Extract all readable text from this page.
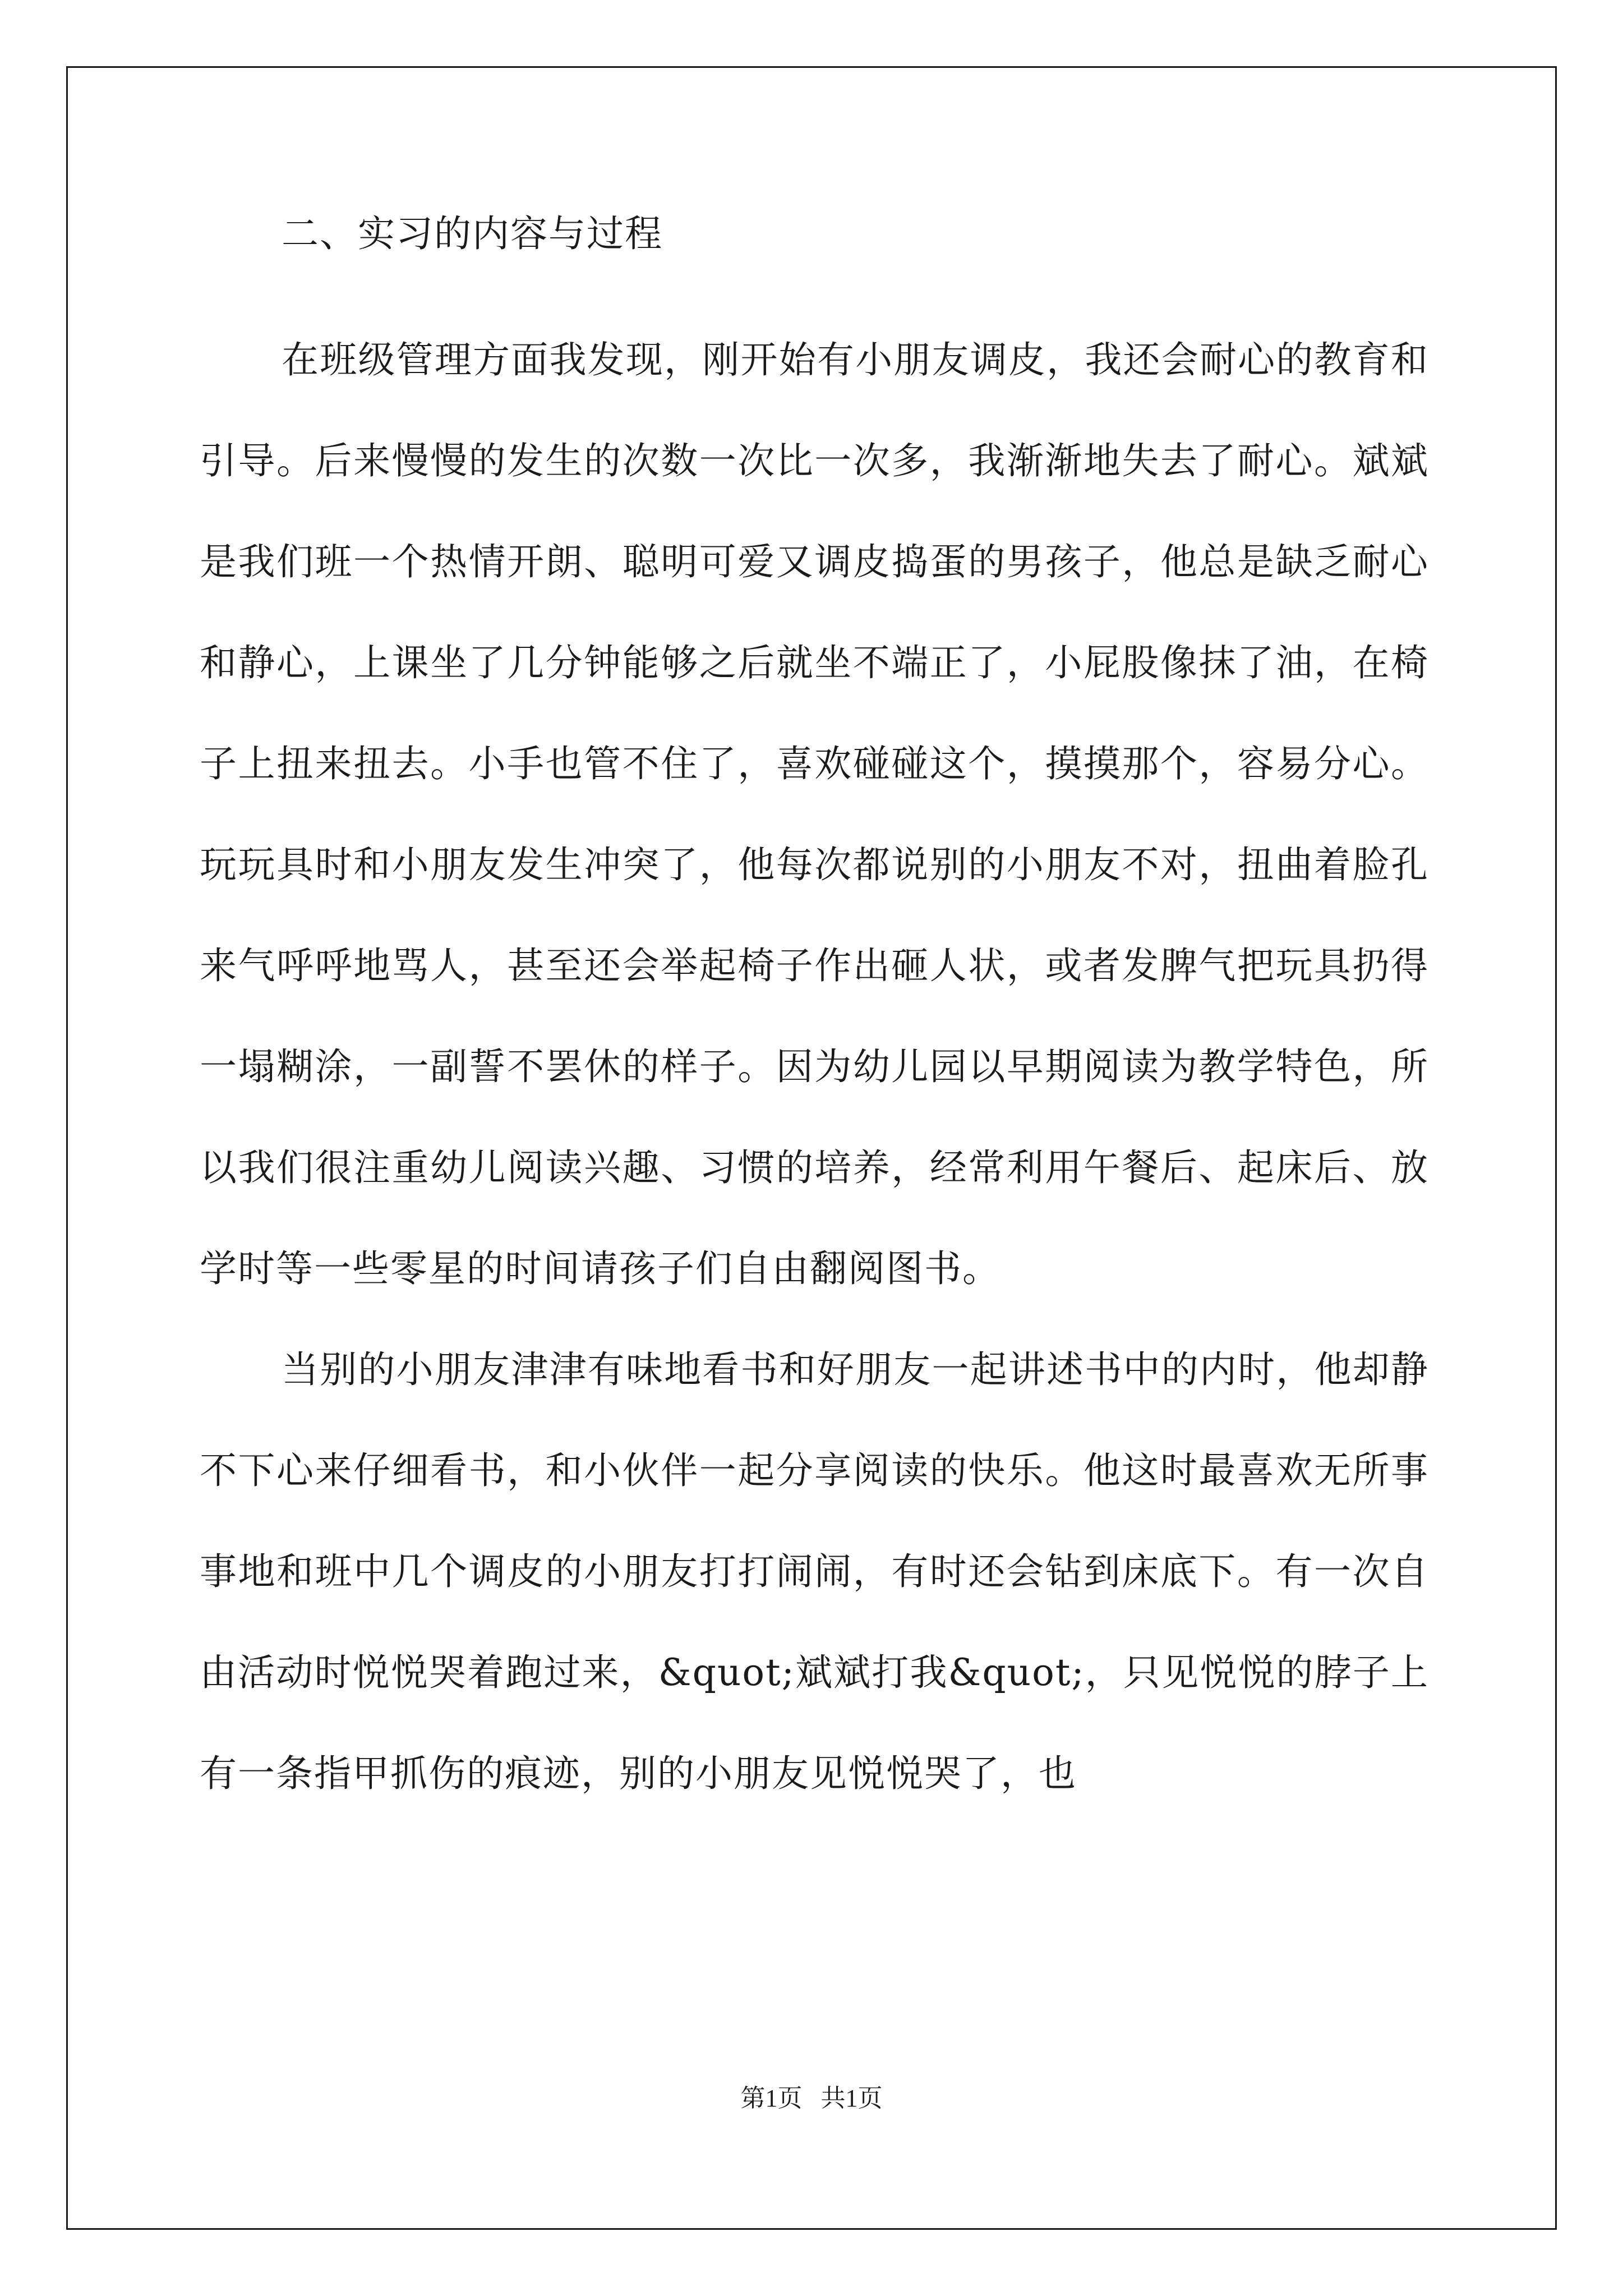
二、实习的内容与过程

在班级管理方面我发现，刚开始有小朋友调皮，我还会耐心的教育和引导。后来慢慢的发生的次数一次比一次多，我渐渐地失去了耐心。斌斌是我们班一个热情开朗、聪明可爱又调皮捣蛋的男孩子，他总是缺乏耐心和静心，上课坐了几分钟能够之后就坐不端正了，小屁股像抹了油，在椅子上扭来扭去。小手也管不住了，喜欢碰碰这个，摸摸那个，容易分心。玩玩具时和小朋友发生冲突了，他每次都说别的小朋友不对，扭曲着脸孔来气呼呼地骂人，甚至还会举起椅子作出砸人状，或者发脾气把玩具扔得一塌糊涂，一副誓不罢休的样子。因为幼儿园以早期阅读为教学特色，所以我们很注重幼儿阅读兴趣、习惯的培养，经常利用午餐后、起床后、放学时等一些零星的时间请孩子们自由翻阅图书。

当别的小朋友津津有味地看书和好朋友一起讲述书中的内时，他却静不下心来仔细看书，和小伙伴一起分享阅读的快乐。他这时最喜欢无所事事地和班中几个调皮的小朋友打打闹闹，有时还会钻到床底下。有一次自由活动时悦悦哭着跑过来，&quot;斌斌打我&quot;，只见悦悦的脖子上有一条指甲抓伤的痕迹，别的小朋友见悦悦哭了，也

第1页   共1页
